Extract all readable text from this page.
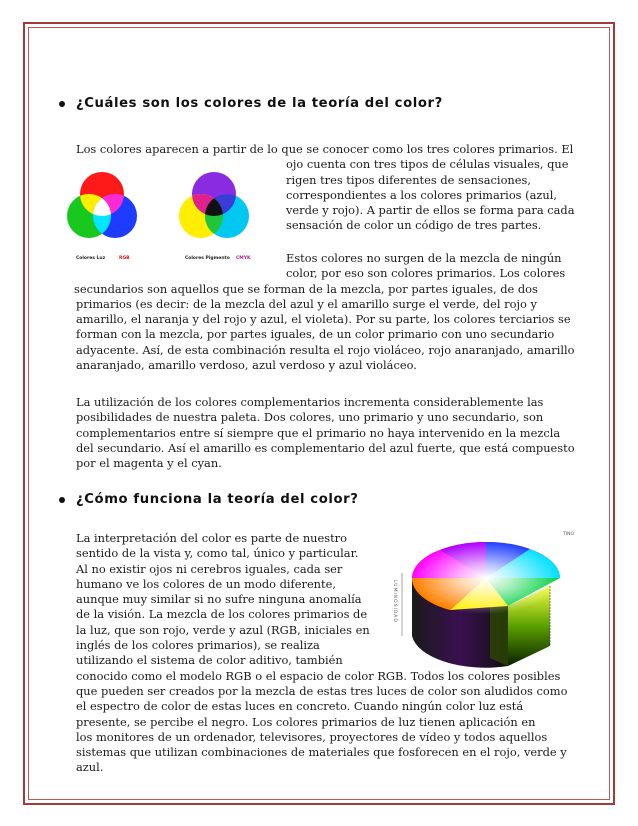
¿Cuáles son los colores de la teoría del color?
Colores Luz	RGB	Colores Pigmento CMYK
Los colores aparecen a partir de lo que se conocer como los tres colores primarios. El
ojo cuenta con tres tipos de células visuales, que
rigen tres tipos diferentes de sensaciones,
correspondientes a los colores primarios (azul,
verde y rojo). A partir de ellos se forma para cada
sensación de color un código de tres partes.
Estos colores no surgen de la mezcla de ningún
color, por eso son colores primarios. Los colores
secundarios son aquellos que se forman de la mezcla, por partes iguales, de dos
primarios (es decir: de la mezcla del azul y el amarillo surge el verde, del rojo y
amarillo, el naranja y del rojo y azul, el violeta). Por su parte, los colores terciarios se
forman con la mezcla, por partes iguales, de un color primario con uno secundario
adyacente. Así, de esta combinación resulta el rojo violáceo, rojo anaranjado, amarillo
anaranjado, amarillo verdoso, azul verdoso y azul violáceo.
La utilización de los colores complementarios incrementa considerablemente las
posibilidades de nuestra paleta. Dos colores, uno primario y uno secundario, son
complementarios entre sí siempre que el primario no haya intervenido en la mezcla
del secundario. Así el amarillo es complementario del azul fuerte, que está compuesto
por el magenta y el cyan.
¿Cómo funciona la teoría del color?
LUMINOSIDAD
TINO
La interpretación del color es parte de nuestro
sentido de la vista y, como tal, único y particular.
Al no existir ojos ni cerebros iguales, cada ser
humano ve los colores de un modo diferente,
aunque muy similar si no sufre ninguna anomalía
de la visión. La mezcla de los colores primarios de
la luz, que son rojo, verde y azul (RGB, iniciales en
inglés de los colores primarios), se realiza
utilizando el sistema de color aditivo, también
conocido como el modelo RGB o el espacio de color RGB. Todos los colores posibles
que pueden ser creados por la mezcla de estas tres luces de color son aludidos como
el espectro de color de estas luces en concreto. Cuando ningún color luz está
presente, se percibe el negro. Los colores primarios de luz tienen aplicación en
los monitores de un ordenador, televisores, proyectores de vídeo y todos aquellos
sistemas que utilizan combinaciones de materiales que fosforecen en el rojo, verde y
azul.
